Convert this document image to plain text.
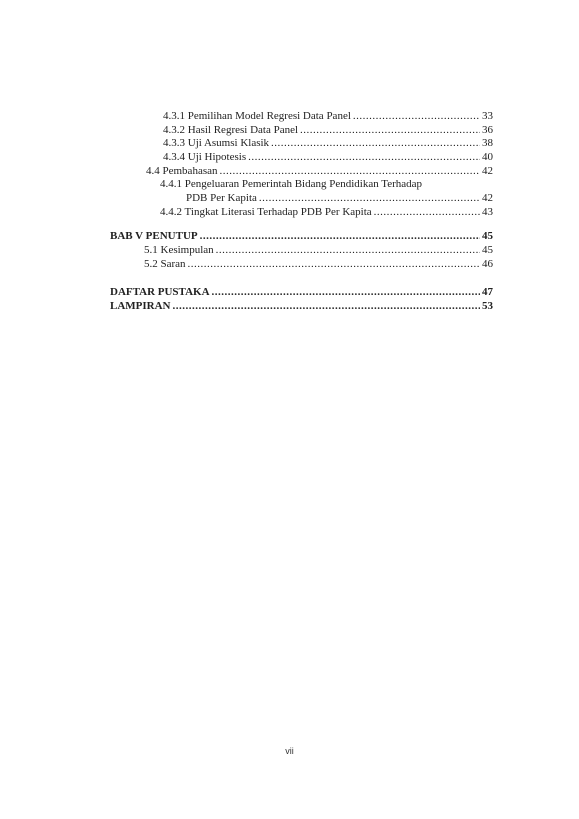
4.3.1 Pemilihan Model Regresi Data Panel .....	33
4.3.2 Hasil Regresi Data Panel .....	36
4.3.3 Uji Asumsi Klasik .....	38
4.3.4 Uji Hipotesis .....	40
4.4 Pembahasan .....	42
4.4.1 Pengeluaran Pemerintah Bidang Pendidikan Terhadap
PDB Per Kapita .....	42
4.4.2 Tingkat Literasi Terhadap PDB Per Kapita .....	43
BAB V PENUTUP .....	45
5.1 Kesimpulan .....	45
5.2 Saran .....	46
DAFTAR PUSTAKA .....	47
LAMPIRAN .....	53
vii
